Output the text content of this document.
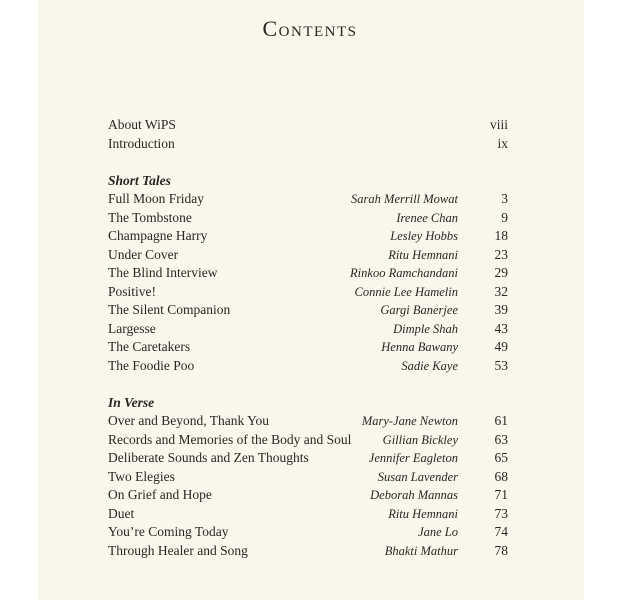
Contents
About WiPS	viii
Introduction	ix
Short Tales
Full Moon Friday	Sarah Merrill Mowat	3
The Tombstone	Irenee Chan	9
Champagne Harry	Lesley Hobbs	18
Under Cover	Ritu Hemnani	23
The Blind Interview	Rinkoo Ramchandani	29
Positive!	Connie Lee Hamelin	32
The Silent Companion	Gargi Banerjee	39
Largesse	Dimple Shah	43
The Caretakers	Henna Bawany	49
The Foodie Poo	Sadie Kaye	53
In Verse
Over and Beyond, Thank You	Mary-Jane Newton	61
Records and Memories of the Body and Soul	Gillian Bickley	63
Deliberate Sounds and Zen Thoughts	Jennifer Eagleton	65
Two Elegies	Susan Lavender	68
On Grief and Hope	Deborah Mannas	71
Duet	Ritu Hemnani	73
You’re Coming Today	Jane Lo	74
Through Healer and Song	Bhakti Mathur	78
